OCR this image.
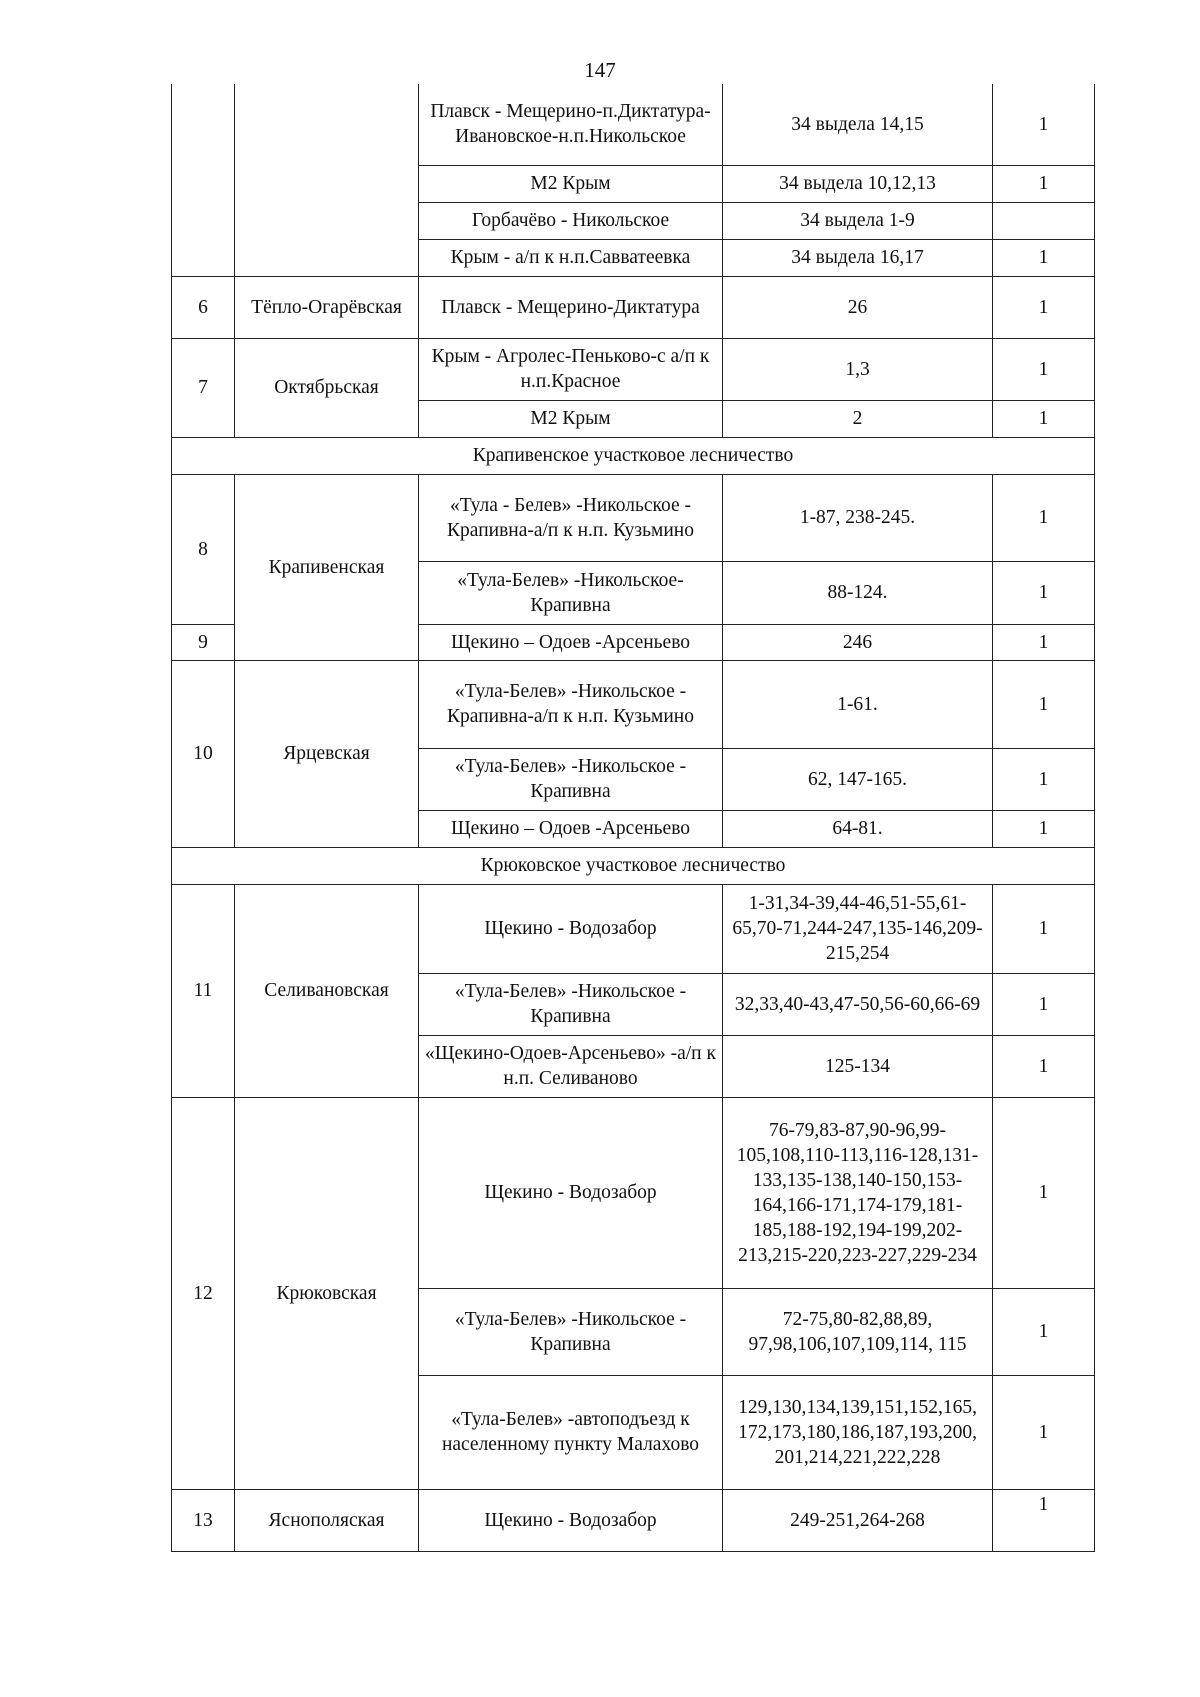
147
		Плавск - Мещерино-п.Диктатура-Ивановское-н.п.Никольское	34 выдела 14,15	1
		М2 Крым	34 выдела 10,12,13	1
		Горбачёво - Никольское	34 выдела 1-9	
		Крым - а/п к н.п.Савватеевка	34 выдела 16,17	1
6	Тёпло-Огарёвская	Плавск - Мещерино-Диктатура	26	1
7	Октябрьская	Крым - Агролес-Пеньково-с а/п к н.п.Красное	1,3	1
		М2 Крым	2	1
Крапивенское участковое лесничество				
8	Крапивенская	«Тула - Белев» -Никольское - Крапивна-а/п к н.п. Кузьмино	1-87, 238-245.	1
		«Тула-Белев» -Никольское-Крапивна	88-124.	1
9		Щекино – Одоев -Арсеньево	246	1
10	Ярцевская	«Тула-Белев» -Никольское - Крапивна-а/п к н.п. Кузьмино	1-61.	1
		«Тула-Белев» -Никольское - Крапивна	62, 147-165.	1
		Щекино – Одоев -Арсеньево	64-81.	1
Крюковское участковое лесничество				
11	Селивановская	Щекино - Водозабор	1-31,34-39,44-46,51-55,61-65,70-71,244-247,135-146,209-215,254	1
		«Тула-Белев» -Никольское - Крапивна	32,33,40-43,47-50,56-60,66-69	1
		«Щекино-Одоев-Арсеньево» -а/п к н.п. Селиваново	125-134	1
12	Крюковская	Щекино - Водозабор	76-79,83-87,90-96,99-105,108,110-113,116-128,131-133,135-138,140-150,153-164,166-171,174-179,181-185,188-192,194-199,202-213,215-220,223-227,229-234	1
		«Тула-Белев» -Никольское - Крапивна	72-75,80-82,88,89, 97,98,106,107,109,114, 115	1
		«Тула-Белев» -автоподъезд к населенному пункту Малахово	129,130,134,139,151,152,165, 172,173,180,186,187,193,200, 201,214,221,222,228	1
13	Яснополяская	Щекино - Водозабор	249-251,264-268	1
